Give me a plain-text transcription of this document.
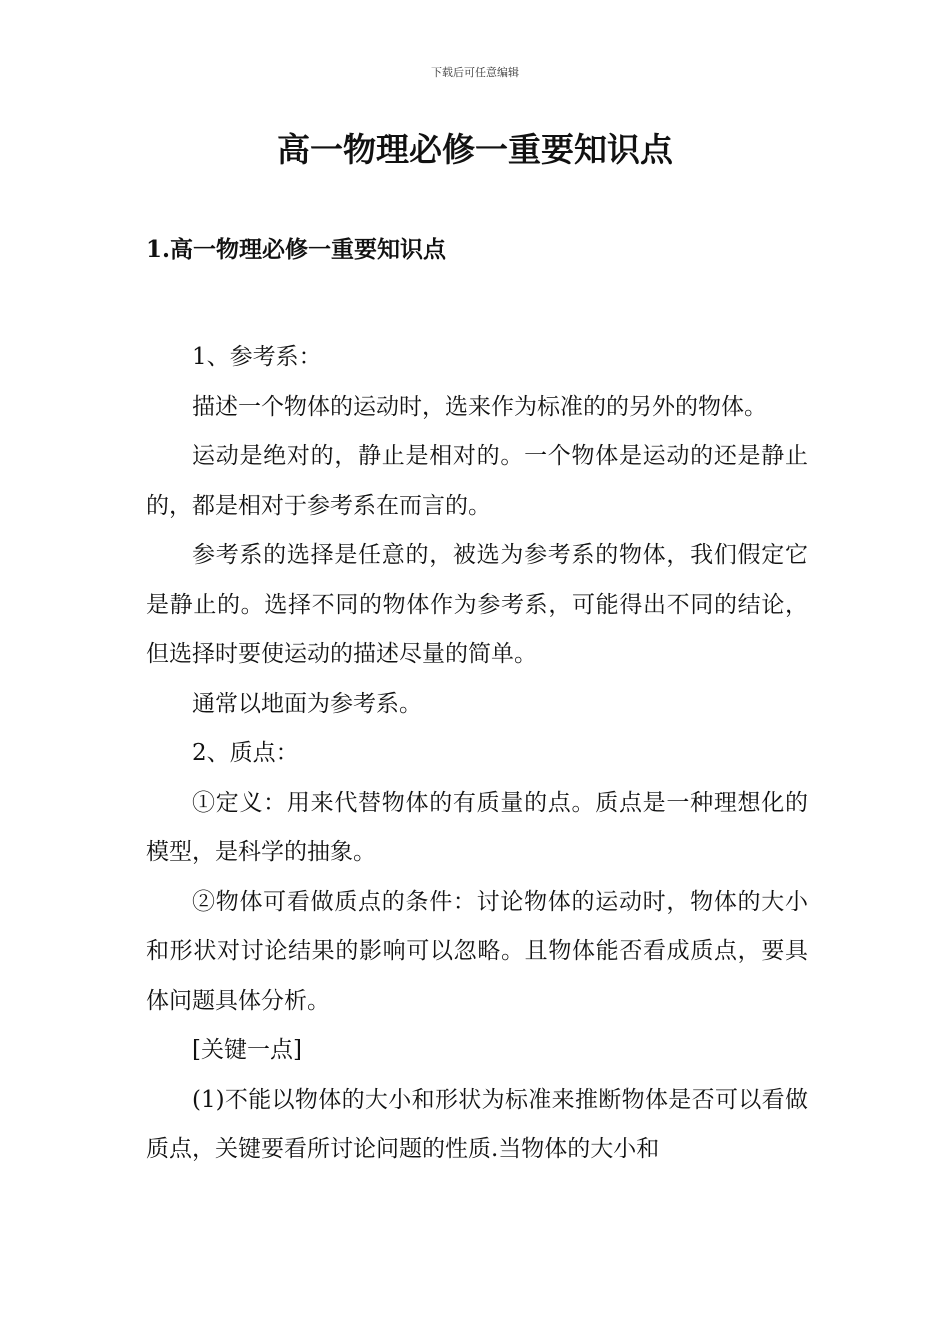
下载后可任意编辑
高一物理必修一重要知识点
1.高一物理必修一重要知识点

1、参考系：

描述一个物体的运动时，选来作为标准的的另外的物体。

运动是绝对的，静止是相对的。一个物体是运动的还是静止的，都是相对于参考系在而言的。

参考系的选择是任意的，被选为参考系的物体，我们假定它是静止的。选择不同的物体作为参考系，可能得出不同的结论，但选择时要使运动的描述尽量的简单。

通常以地面为参考系。

2、质点：

①定义：用来代替物体的有质量的点。质点是一种理想化的模型，是科学的抽象。

②物体可看做质点的条件：讨论物体的运动时，物体的大小和形状对讨论结果的影响可以忽略。且物体能否看成质点，要具体问题具体分析。

[关键一点]

(1)不能以物体的大小和形状为标准来推断物体是否可以看做质点，关键要看所讨论问题的性质.当物体的大小和
